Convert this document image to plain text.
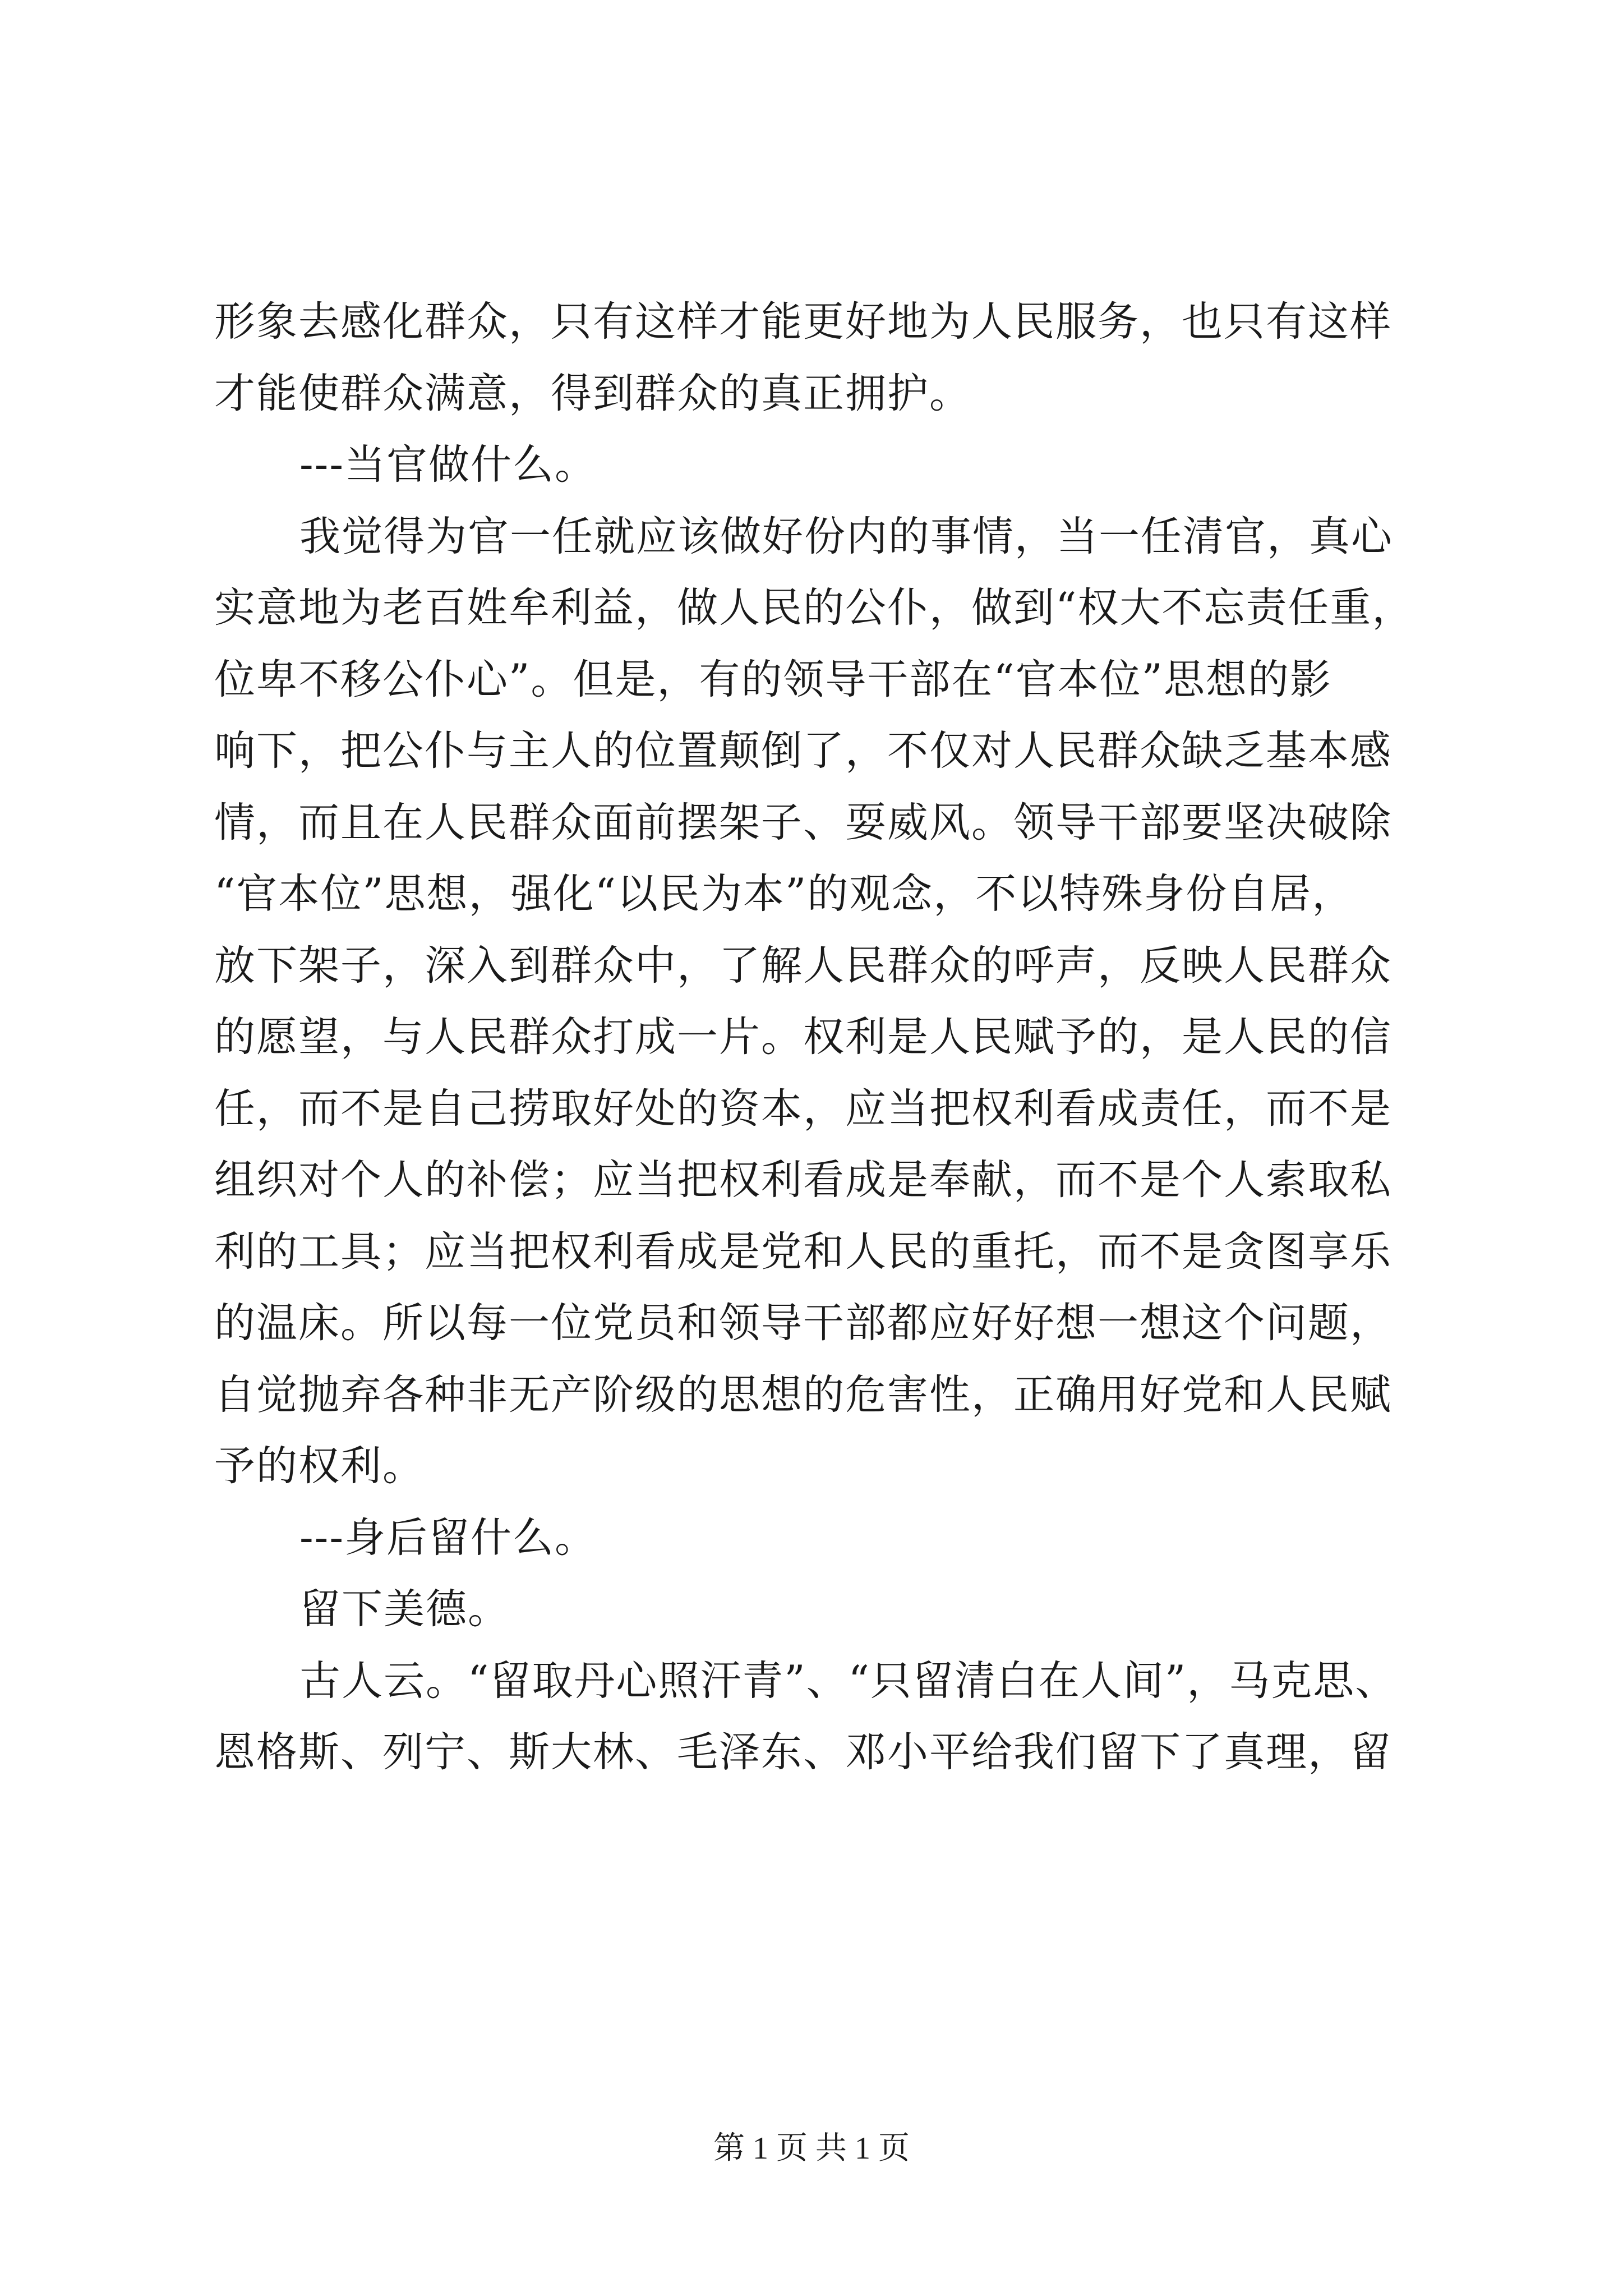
形象去感化群众，只有这样才能更好地为人民服务，也只有这样
才能使群众满意，得到群众的真正拥护。
---当官做什么。
我觉得为官一任就应该做好份内的事情，当一任清官，真心
实意地为老百姓牟利益，做人民的公仆，做到“权大不忘责任重，
位卑不移公仆心”。但是，有的领导干部在“官本位”思想的影
响下，把公仆与主人的位置颠倒了，不仅对人民群众缺乏基本感
情，而且在人民群众面前摆架子、耍威风。领导干部要坚决破除
“官本位”思想，强化“以民为本”的观念，不以特殊身份自居，
放下架子，深入到群众中，了解人民群众的呼声，反映人民群众
的愿望，与人民群众打成一片。权利是人民赋予的，是人民的信
任，而不是自己捞取好处的资本，应当把权利看成责任，而不是
组织对个人的补偿；应当把权利看成是奉献，而不是个人索取私
利的工具；应当把权利看成是党和人民的重托，而不是贪图享乐
的温床。所以每一位党员和领导干部都应好好想一想这个问题，
自觉抛弃各种非无产阶级的思想的危害性，正确用好党和人民赋
予的权利。
---身后留什么。
留下美德。
古人云。“留取丹心照汗青”、“只留清白在人间”，马克思、
恩格斯、列宁、斯大林、毛泽东、邓小平给我们留下了真理，留
第 1 页 共 1 页
